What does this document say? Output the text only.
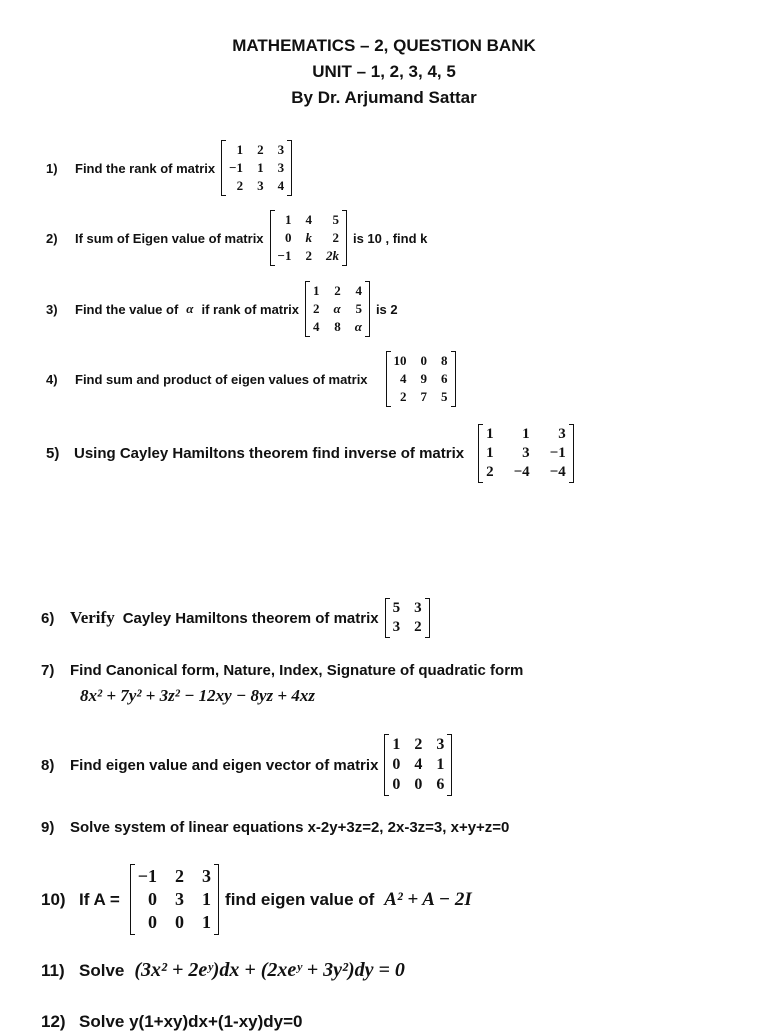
MATHEMATICS – 2, QUESTION BANK
UNIT – 1, 2, 3, 4, 5
By Dr. Arjumand Sattar
1)	Find the rank of matrix
1 2 3
−1 1 3
2 3 4
2)	If sum of Eigen value of matrix
1 4	5
0 k	2
−1 2 2k
is 10 , find k
3)	Find the value of α if rank of matrix
1 2 4
2 α 5
4 8 α
is 2
4)	Find sum and product of eigen values of matrix
10 0 8
4 9 6
2 7 5
5) Using Cayley Hamiltons theorem find inverse of matrix
1	1	3
1	3 −1
2 −4 −4
6) Verify Cayley Hamiltons theorem of matrix
5 3
3 2
7)	Find Canonical form, Nature, Index, Signature of quadratic form
8x² + 7y² + 3z² − 12xy − 8yz + 4xz
8)	Find eigen value and eigen vector of matrix
1 2 3
0 4 1
0 0 6
9)	Solve system of linear equations x-2y+3z=2, 2x-3z=3, x+y+z=0
10) If A =
−1 2 3
0 3 1
0 0 1
find eigen value of A² + A − 2I
11) Solve (3x² + 2eʸ)dx + (2xeʸ + 3y²)dy = 0
12) Solve y(1+xy)dx+(1-xy)dy=0
